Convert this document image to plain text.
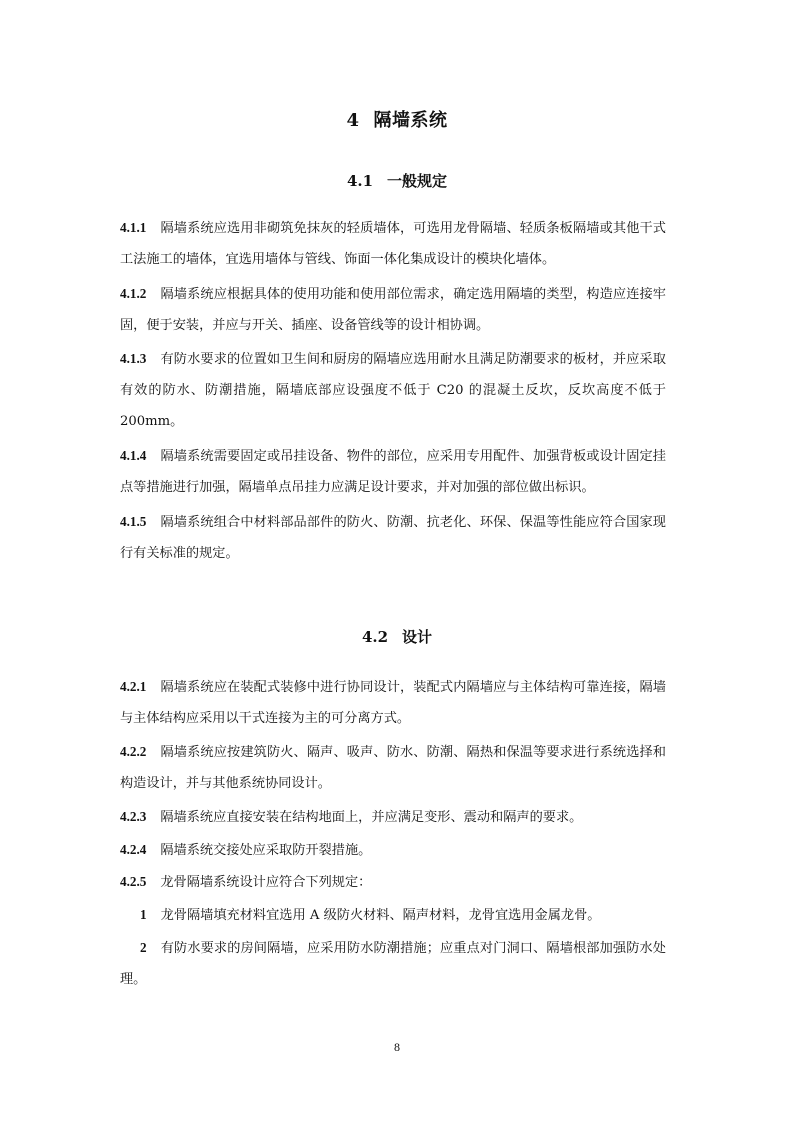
4 隔墙系统
4.1 一般规定

4.1.1 隔墙系统应选用非砌筑免抹灰的轻质墙体，可选用龙骨隔墙、轻质条板隔墙或其他干式工法施工的墙体，宜选用墙体与管线、饰面一体化集成设计的模块化墙体。

4.1.2 隔墙系统应根据具体的使用功能和使用部位需求，确定选用隔墙的类型，构造应连接牢固，便于安装，并应与开关、插座、设备管线等的设计相协调。

4.1.3 有防水要求的位置如卫生间和厨房的隔墙应选用耐水且满足防潮要求的板材，并应采取有效的防水、防潮措施，隔墙底部应设强度不低于 C20 的混凝土反坎，反坎高度不低于 200mm。

4.1.4 隔墙系统需要固定或吊挂设备、物件的部位，应采用专用配件、加强背板或设计固定挂点等措施进行加强，隔墙单点吊挂力应满足设计要求，并对加强的部位做出标识。

4.1.5 隔墙系统组合中材料部品部件的防火、防潮、抗老化、环保、保温等性能应符合国家现行有关标准的规定。

4.2 设计

4.2.1 隔墙系统应在装配式装修中进行协同设计，装配式内隔墙应与主体结构可靠连接，隔墙与主体结构应采用以干式连接为主的可分离方式。

4.2.2 隔墙系统应按建筑防火、隔声、吸声、防水、防潮、隔热和保温等要求进行系统选择和构造设计，并与其他系统协同设计。

4.2.3 隔墙系统应直接安装在结构地面上，并应满足变形、震动和隔声的要求。

4.2.4 隔墙系统交接处应采取防开裂措施。

4.2.5 龙骨隔墙系统设计应符合下列规定：

1 龙骨隔墙填充材料宜选用 A 级防火材料、隔声材料，龙骨宜选用金属龙骨。

2 有防水要求的房间隔墙，应采用防水防潮措施；应重点对门洞口、隔墙根部加强防水处理。

8
